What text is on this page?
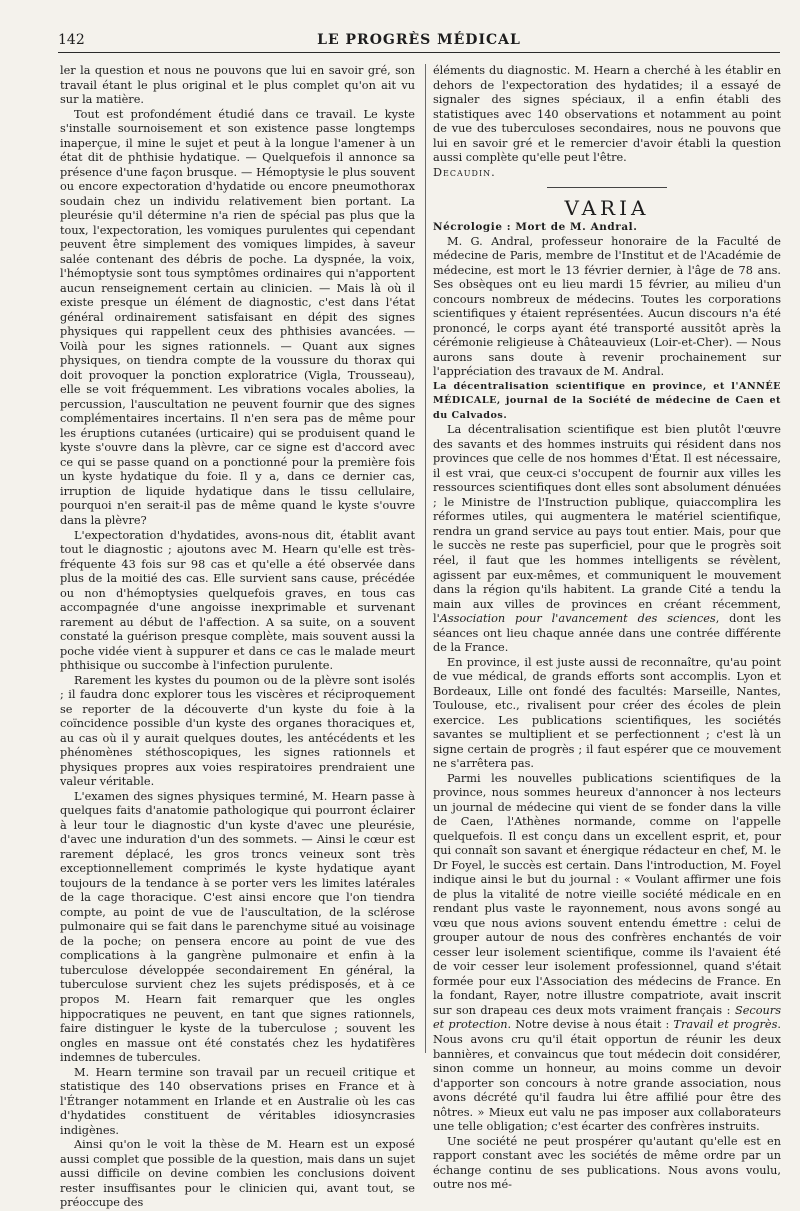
142	LE PROGRÈS MÉDICAL

ler la question et nous ne pouvons que lui en savoir gré, son travail étant le plus original et le plus complet qu'on ait vu sur la matière.

Tout est profondément étudié dans ce travail. Le kyste s'installe sournoisement et son existence passe longtemps inaperçue, il mine le sujet et peut à la longue l'amener à un état dit de phthisie hydatique. — Quelquefois il annonce sa présence d'une façon brusque. — Hémoptysie le plus souvent ou encore expectoration d'hydatide ou encore pneumothorax soudain chez un individu relativement bien portant. La pleurésie qu'il détermine n'a rien de spécial pas plus que la toux, l'expectoration, les vomiques purulentes qui cependant peuvent être simplement des vomiques limpides, à saveur salée contenant des débris de poche. La dyspnée, la voix, l'hémoptysie sont tous symptômes ordinaires qui n'apportent aucun renseignement certain au clinicien. — Mais là où il existe presque un élément de diagnostic, c'est dans l'état général ordinairement satisfaisant en dépit des signes physiques qui rappellent ceux des phthisies avancées. — Voilà pour les signes rationnels. — Quant aux signes physiques, on tiendra compte de la voussure du thorax qui doit provoquer la ponction exploratrice (Vigla, Trousseau), elle se voit fréquemment. Les vibrations vocales abolies, la percussion, l'auscultation ne peuvent fournir que des signes complémentaires incertains. Il n'en sera pas de même pour les éruptions cutanées (urticaire) qui se produisent quand le kyste s'ouvre dans la plèvre, car ce signe est d'accord avec ce qui se passe quand on a ponctionné pour la première fois un kyste hydatique du foie. Il y a, dans ce dernier cas, irruption de liquide hydatique dans le tissu cellulaire, pourquoi n'en serait-il pas de même quand le kyste s'ouvre dans la plèvre?

L'expectoration d'hydatides, avons-nous dit, établit avant tout le diagnostic ; ajoutons avec M. Hearn qu'elle est très-fréquente 43 fois sur 98 cas et qu'elle a été observée dans plus de la moitié des cas. Elle survient sans cause, précédée ou non d'hémoptysies quelquefois graves, en tous cas accompagnée d'une angoisse inexprimable et survenant rarement au début de l'affection. A sa suite, on a souvent constaté la guérison presque complète, mais souvent aussi la poche vidée vient à suppurer et dans ce cas le malade meurt phthisique ou succombe à l'infection purulente.

Rarement les kystes du poumon ou de la plèvre sont isolés ; il faudra donc explorer tous les viscères et réciproquement se reporter de la découverte d'un kyste du foie à la coïncidence possible d'un kyste des organes thoraciques et, au cas où il y aurait quelques doutes, les antécédents et les phénomènes stéthoscopiques, les signes rationnels et physiques propres aux voies respiratoires prendraient une valeur véritable.

L'examen des signes physiques terminé, M. Hearn passe à quelques faits d'anatomie pathologique qui pourront éclairer à leur tour le diagnostic d'un kyste d'avec une pleurésie, d'avec une induration d'un des sommets. — Ainsi le cœur est rarement déplacé, les gros troncs veineux sont très exceptionnellement comprimés le kyste hydatique ayant toujours de la tendance à se porter vers les limites latérales de la cage thoracique. C'est ainsi encore que l'on tiendra compte, au point de vue de l'auscultation, de la sclérose pulmonaire qui se fait dans le parenchyme situé au voisinage de la poche; on pensera encore au point de vue des complications à la gangrène pulmonaire et enfin à la tuberculose développée secondairement En général, la tuberculose survient chez les sujets prédisposés, et à ce propos M. Hearn fait remarquer que les ongles hippocratiques ne peuvent, en tant que signes rationnels, faire distinguer le kyste de la tuberculose ; souvent les ongles en massue ont été constatés chez les hydatifères indemnes de tubercules.

M. Hearn termine son travail par un recueil critique et statistique des 140 observations prises en France et à l'Étranger notamment en Irlande et en Australie où les cas d'hydatides constituent de véritables idiosyncrasies indigènes.

Ainsi qu'on le voit la thèse de M. Hearn est un exposé aussi complet que possible de la question, mais dans un sujet aussi difficile on devine combien les conclusions doivent rester insuffisantes pour le clinicien qui, avant tout, se préoccupe des

éléments du diagnostic. M. Hearn a cherché à les établir en dehors de l'expectoration des hydatides; il a essayé de signaler des signes spéciaux, il a enfin établi des statistiques avec 140 observations et notamment au point de vue des tuberculoses secondaires, nous ne pouvons que lui en savoir gré et le remercier d'avoir établi la question aussi complète qu'elle peut l'être.

Decaudin.

VARIA

Nécrologie : Mort de M. Andral.

M. G. Andral, professeur honoraire de la Faculté de médecine de Paris, membre de l'Institut et de l'Académie de médecine, est mort le 13 février dernier, à l'âge de 78 ans. Ses obsèques ont eu lieu mardi 15 février, au milieu d'un concours nombreux de médecins. Toutes les corporations scientifiques y étaient représentées. Aucun discours n'a été prononcé, le corps ayant été transporté aussitôt après la cérémonie religieuse à Châteauvieux (Loir-et-Cher). — Nous aurons sans doute à revenir prochainement sur l'appréciation des travaux de M. Andral.

La décentralisation scientifique en province, et l'ANNÉE MÉDICALE, journal de la Société de médecine de Caen et du Calvados.

La décentralisation scientifique est bien plutôt l'œuvre des savants et des hommes instruits qui résident dans nos provinces que celle de nos hommes d'État. Il est nécessaire, il est vrai, que ceux-ci s'occupent de fournir aux villes les ressources scientifiques dont elles sont absolument dénuées ; le Ministre de l'Instruction publique, quiaccomplira les réformes utiles, qui augmentera le matériel scientifique, rendra un grand service au pays tout entier. Mais, pour que le succès ne reste pas superficiel, pour que le progrès soit réel, il faut que les hommes intelligents se révèlent, agissent par eux-mêmes, et communiquent le mouvement dans la région qu'ils habitent. La grande Cité a tendu la main aux villes de provinces en créant récemment, l'Association pour l'avancement des sciences, dont les séances ont lieu chaque année dans une contrée différente de la France.

En province, il est juste aussi de reconnaître, qu'au point de vue médical, de grands efforts sont accomplis. Lyon et Bordeaux, Lille ont fondé des facultés: Marseille, Nantes, Toulouse, etc., rivalisent pour créer des écoles de plein exercice. Les publications scientifiques, les sociétés savantes se multiplient et se perfectionnent ; c'est là un signe certain de progrès ; il faut espérer que ce mouvement ne s'arrêtera pas.

Parmi les nouvelles publications scientifiques de la province, nous sommes heureux d'annoncer à nos lecteurs un journal de médecine qui vient de se fonder dans la ville de Caen, l'Athènes normande, comme on l'appelle quelquefois. Il est conçu dans un excellent esprit, et, pour qui connaît son savant et énergique rédacteur en chef, M. le Dr Foyel, le succès est certain. Dans l'introduction, M. Foyel indique ainsi le but du journal : « Voulant affirmer une fois de plus la vitalité de notre vieille société médicale en en rendant plus vaste le rayonnement, nous avons songé au vœu que nous avions souvent entendu émettre : celui de grouper autour de nous des confrères enchantés de voir cesser leur isolement scientifique, comme ils l'avaient été de voir cesser leur isolement professionnel, quand s'était formée pour eux l'Association des médecins de France. En la fondant, Rayer, notre illustre compatriote, avait inscrit sur son drapeau ces deux mots vraiment français : Secours et protection. Notre devise à nous était : Travail et progrès. Nous avons cru qu'il était opportun de réunir les deux bannières, et convaincus que tout médecin doit considérer, sinon comme un honneur, au moins comme un devoir d'apporter son concours à notre grande association, nous avons décrété qu'il faudra lui être affilié pour être des nôtres. » Mieux eut valu ne pas imposer aux collaborateurs une telle obligation; c'est écarter des confrères instruits.

Une société ne peut prospérer qu'autant qu'elle est en rapport constant avec les sociétés de même ordre par un échange continu de ses publications. Nous avons voulu, outre nos mé-
